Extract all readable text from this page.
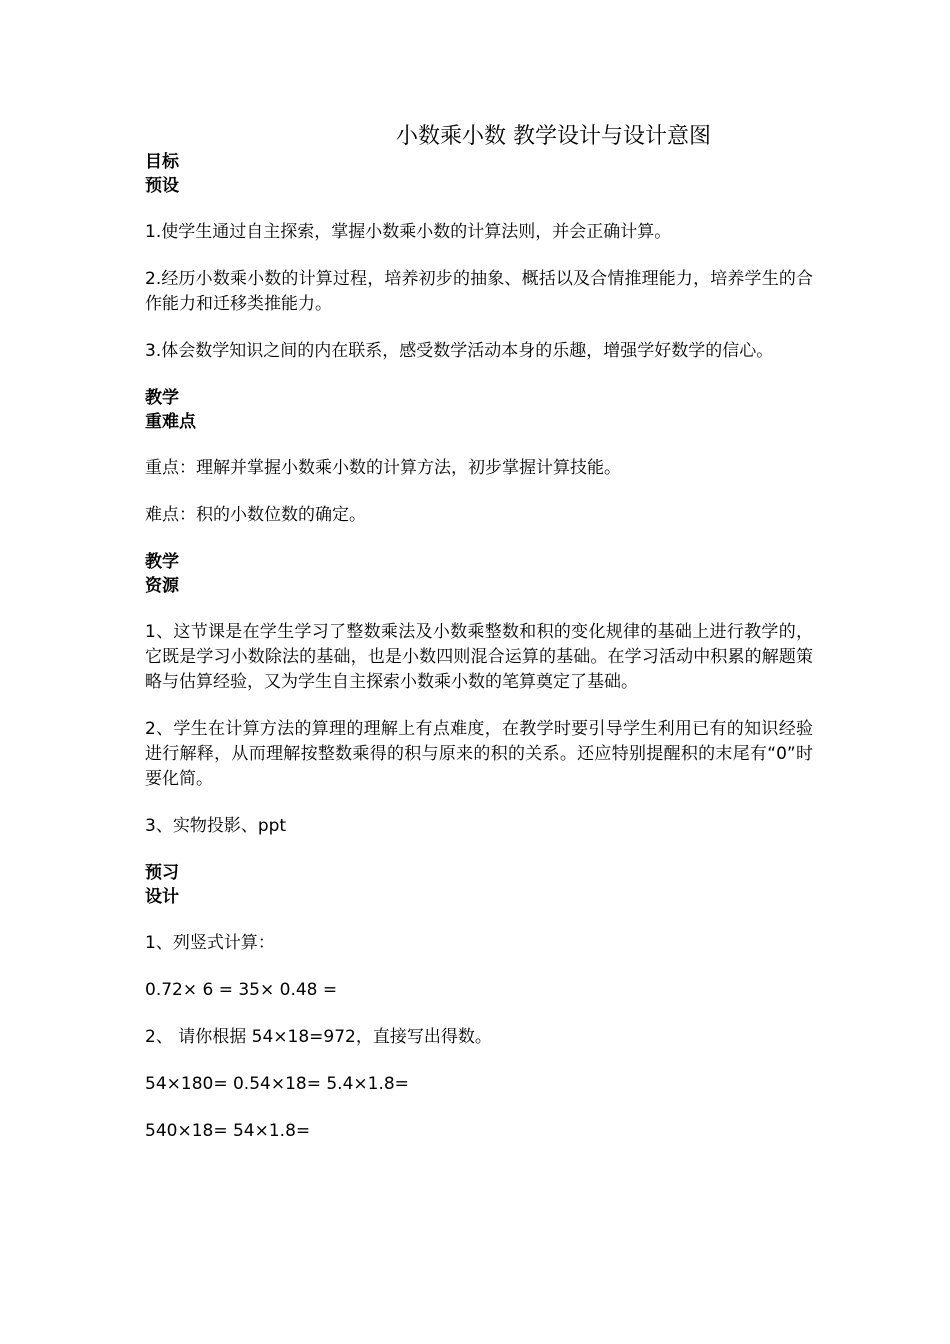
小数乘小数 教学设计与设计意图
目标
预设

1.使学生通过自主探索，掌握小数乘小数的计算法则，并会正确计算。

2.经历小数乘小数的计算过程，培养初步的抽象、概括以及合情推理能力，培养学生的合作能力和迁移类推能力。

3.体会数学知识之间的内在联系，感受数学活动本身的乐趣，增强学好数学的信心。

教学
重难点

重点：理解并掌握小数乘小数的计算方法，初步掌握计算技能。

难点：积的小数位数的确定。

教学
资源

1、这节课是在学生学习了整数乘法及小数乘整数和积的变化规律的基础上进行教学的，它既是学习小数除法的基础，也是小数四则混合运算的基础。在学习活动中积累的解题策略与估算经验，又为学生自主探索小数乘小数的笔算奠定了基础。

2、学生在计算方法的算理的理解上有点难度，在教学时要引导学生利用已有的知识经验进行解释，从而理解按整数乘得的积与原来的积的关系。还应特别提醒积的末尾有“0”时要化简。

3、实物投影、ppt

预习
设计

1、列竖式计算：

0.72× 6 = 35× 0.48 =

2、 请你根据 54×18=972，直接写出得数。

54×180= 0.54×18= 5.4×1.8=

540×18= 54×1.8=
